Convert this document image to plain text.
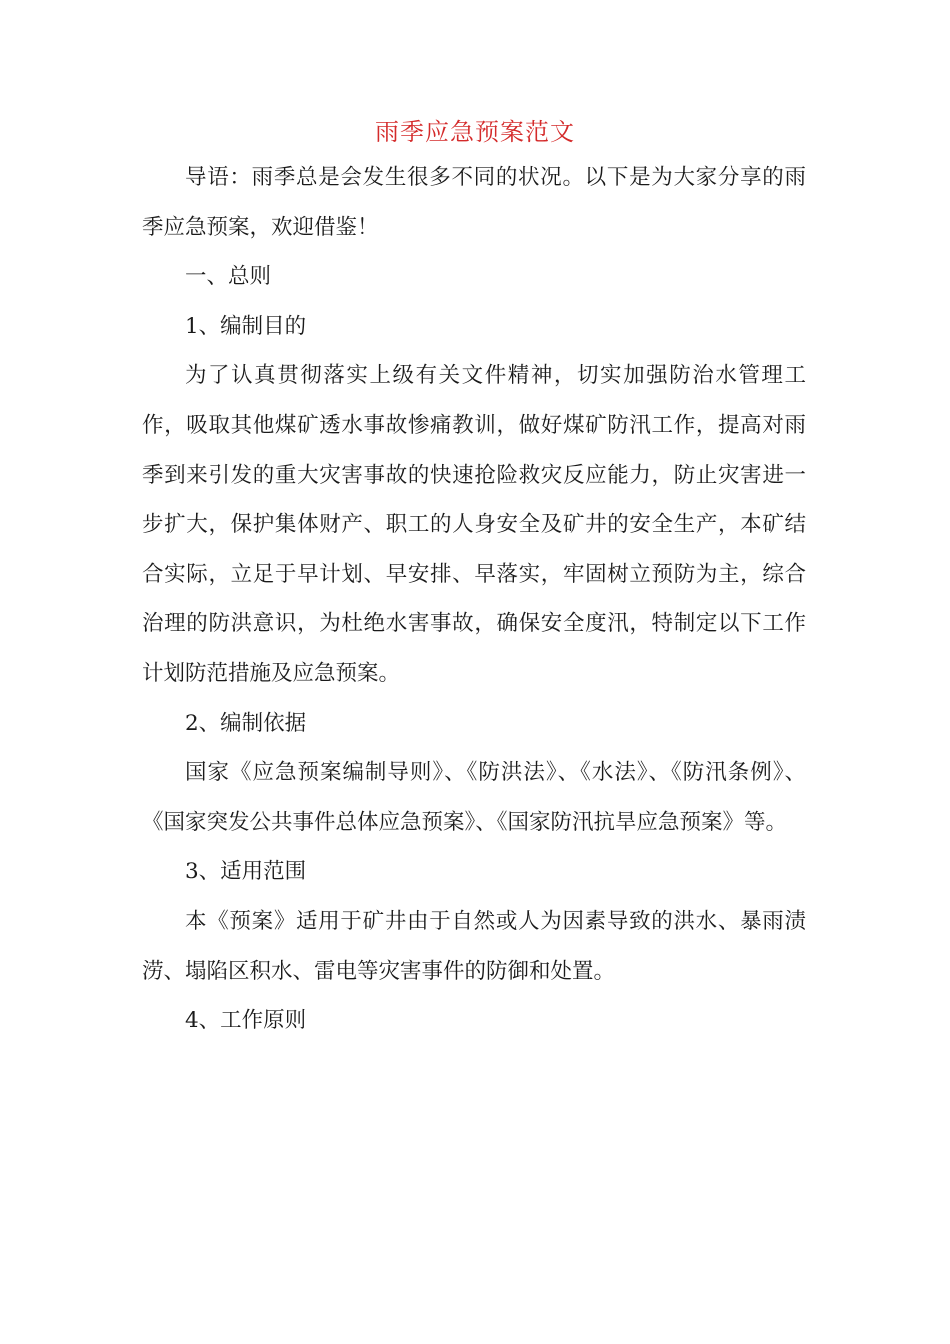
雨季应急预案范文

导语：雨季总是会发生很多不同的状况。以下是为大家分享的雨季应急预案，欢迎借鉴！

一、总则

1、编制目的

为了认真贯彻落实上级有关文件精神，切实加强防治水管理工作，吸取其他煤矿透水事故惨痛教训，做好煤矿防汛工作，提高对雨季到来引发的重大灾害事故的快速抢险救灾反应能力，防止灾害进一步扩大，保护集体财产、职工的人身安全及矿井的安全生产，本矿结合实际，立足于早计划、早安排、早落实，牢固树立预防为主，综合治理的防洪意识，为杜绝水害事故，确保安全度汛，特制定以下工作计划防范措施及应急预案。

2、编制依据

国家《应急预案编制导则》、《防洪法》、《水法》、《防汛条例》、《国家突发公共事件总体应急预案》、《国家防汛抗旱应急预案》等。

3、适用范围

本《预案》适用于矿井由于自然或人为因素导致的洪水、暴雨渍涝、塌陷区积水、雷电等灾害事件的防御和处置。

4、工作原则
